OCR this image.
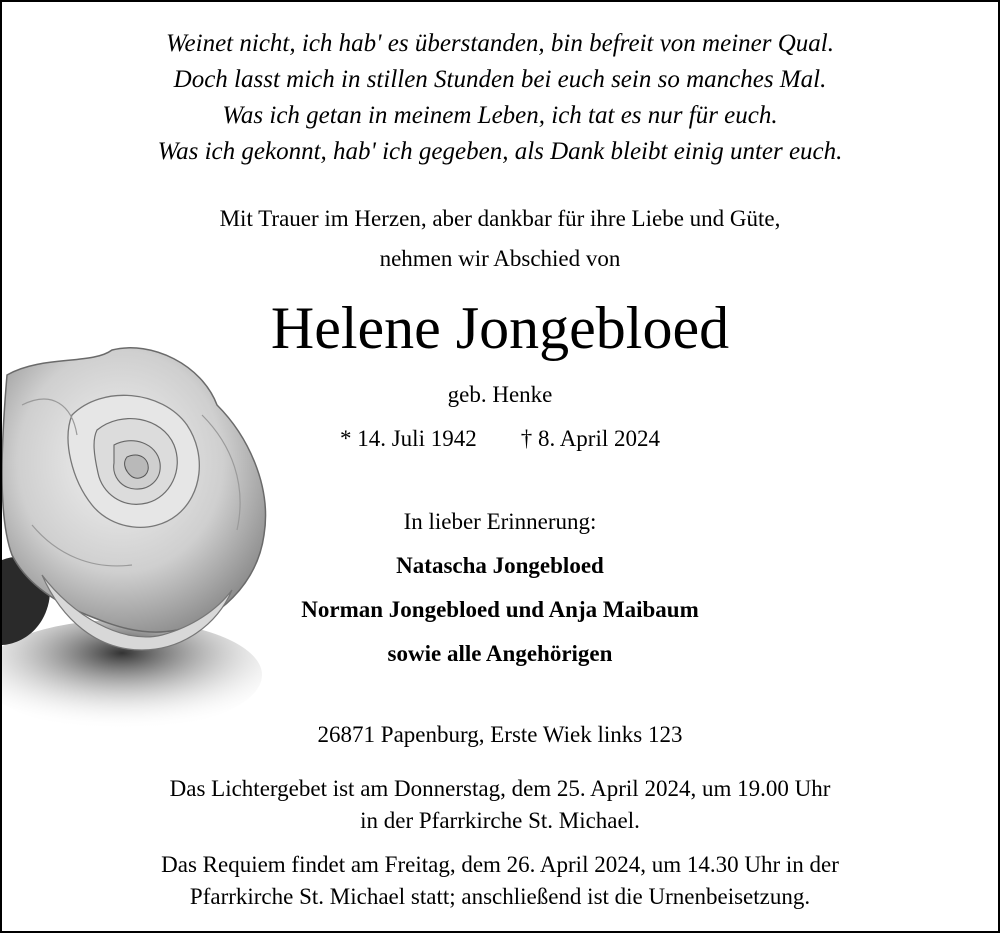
Weinet nicht, ich hab' es überstanden, bin befreit von meiner Qual.
Doch lasst mich in stillen Stunden bei euch sein so manches Mal.
Was ich getan in meinem Leben, ich tat es nur für euch.
Was ich gekonnt, hab' ich gegeben, als Dank bleibt einig unter euch.
Mit Trauer im Herzen, aber dankbar für ihre Liebe und Güte,
nehmen wir Abschied von
Helene Jongebloed
geb. Henke
* 14. Juli 1942 † 8. April 2024
In lieber Erinnerung:
Natascha Jongebloed
Norman Jongebloed und Anja Maibaum
sowie alle Angehörigen
26871 Papenburg, Erste Wiek links 123
Das Lichtergebet ist am Donnerstag, dem 25. April 2024, um 19.00 Uhr
in der Pfarrkirche St. Michael.
Das Requiem findet am Freitag, dem 26. April 2024, um 14.30 Uhr in der
Pfarrkirche St. Michael statt; anschließend ist die Urnenbeisetzung.
